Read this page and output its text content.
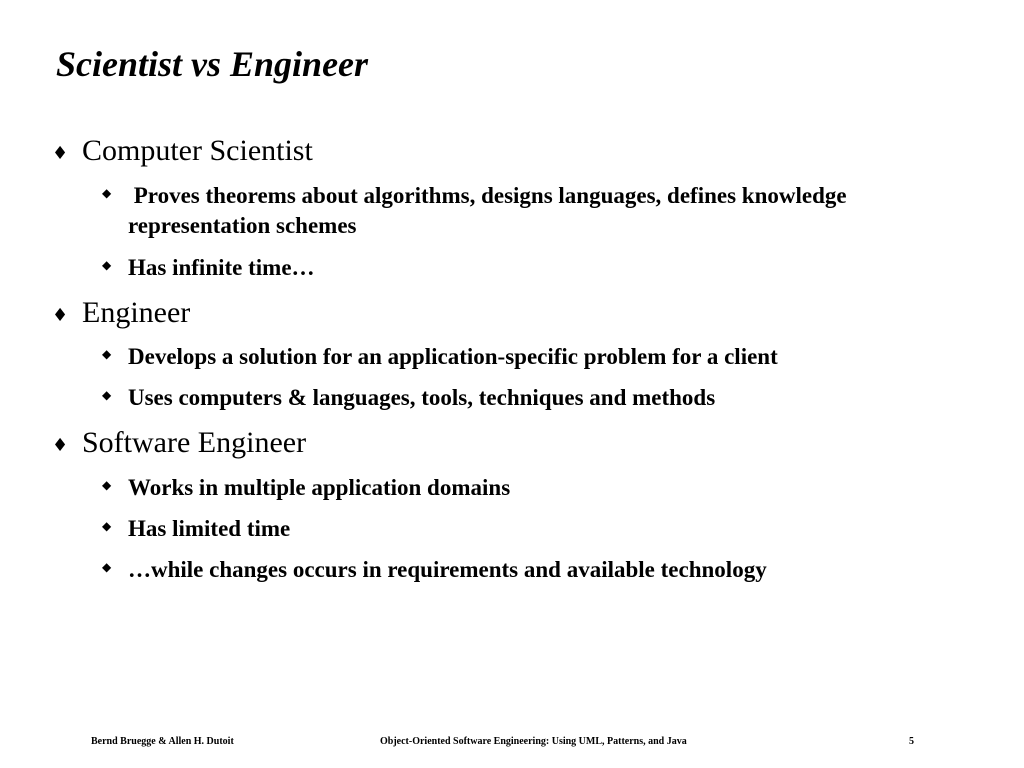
Scientist vs Engineer
♦ Computer Scientist
◆ Proves theorems about algorithms, designs languages, defines knowledge representation schemes
◆ Has infinite time…
♦ Engineer
◆ Develops a solution for an application-specific problem for a client
◆ Uses computers & languages, tools, techniques and methods
♦ Software Engineer
◆ Works in multiple application domains
◆ Has limited time
◆ …while changes occurs in requirements and available technology
Bernd Bruegge & Allen H. Dutoit	Object-Oriented Software Engineering: Using UML, Patterns, and Java	5
